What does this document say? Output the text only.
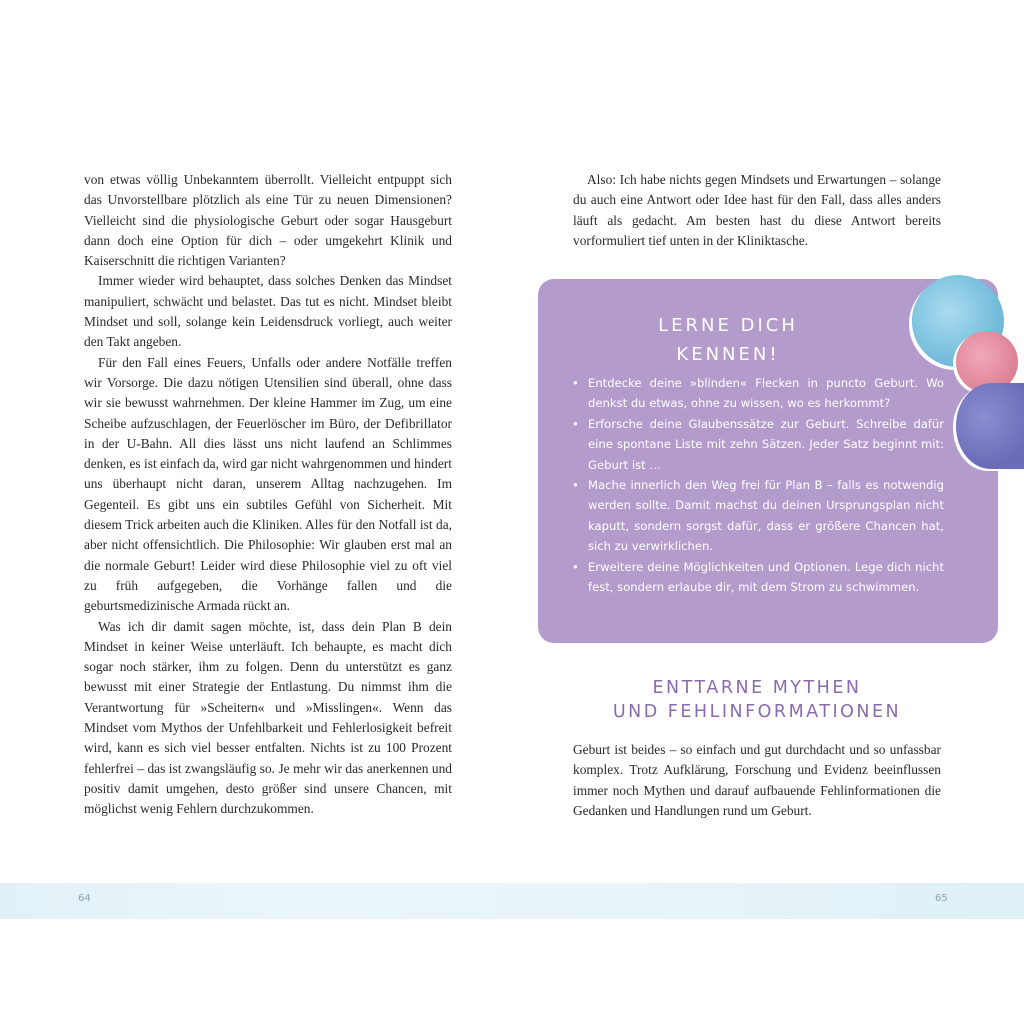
von etwas völlig Unbekanntem überrollt. Vielleicht entpuppt sich das Unvorstellbare plötzlich als eine Tür zu neuen Dimensionen? Vielleicht sind die physiologische Geburt oder sogar Hausgeburt dann doch eine Option für dich – oder umgekehrt Klinik und Kaiserschnitt die richtigen Varianten?

Immer wieder wird behauptet, dass solches Denken das Mindset manipuliert, schwächt und belastet. Das tut es nicht. Mindset bleibt Mindset und soll, solange kein Leidensdruck vorliegt, auch weiter den Takt angeben.

Für den Fall eines Feuers, Unfalls oder andere Notfälle treffen wir Vorsorge. Die dazu nötigen Utensilien sind überall, ohne dass wir sie bewusst wahrnehmen. Der kleine Hammer im Zug, um eine Scheibe aufzuschlagen, der Feuerlöscher im Büro, der Defibrillator in der U-Bahn. All dies lässt uns nicht laufend an Schlimmes denken, es ist einfach da, wird gar nicht wahrgenommen und hindert uns überhaupt nicht daran, unserem Alltag nachzugehen. Im Gegenteil. Es gibt uns ein subtiles Gefühl von Sicherheit. Mit diesem Trick arbeiten auch die Kliniken. Alles für den Notfall ist da, aber nicht offensichtlich. Die Philosophie: Wir glauben erst mal an die normale Geburt! Leider wird diese Philosophie viel zu oft viel zu früh aufgegeben, die Vorhänge fallen und die geburtsmedizinische Armada rückt an.

Was ich dir damit sagen möchte, ist, dass dein Plan B dein Mindset in keiner Weise unterläuft. Ich behaupte, es macht dich sogar noch stärker, ihm zu folgen. Denn du unterstützt es ganz bewusst mit einer Strategie der Entlastung. Du nimmst ihm die Verantwortung für »Scheitern« und »Misslingen«. Wenn das Mindset vom Mythos der Unfehlbarkeit und Fehlerlosigkeit befreit wird, kann es sich viel besser entfalten. Nichts ist zu 100 Prozent fehlerfrei – das ist zwangsläufig so. Je mehr wir das anerkennen und positiv damit umgehen, desto größer sind unsere Chancen, mit möglichst wenig Fehlern durchzukommen.

Also: Ich habe nichts gegen Mindsets und Erwartungen – solange du auch eine Antwort oder Idee hast für den Fall, dass alles anders läuft als gedacht. Am besten hast du diese Antwort bereits vorformuliert tief unten in der Kliniktasche.

LERNE DICH
KENNEN!
• Entdecke deine »blinden« Flecken in puncto Geburt. Wo denkst du etwas, ohne zu wissen, wo es herkommt?
• Erforsche deine Glaubenssätze zur Geburt. Schreibe dafür eine spontane Liste mit zehn Sätzen. Jeder Satz beginnt mit: Geburt ist …
• Mache innerlich den Weg frei für Plan B – falls es notwendig werden sollte. Damit machst du deinen Ursprungsplan nicht kaputt, sondern sorgst dafür, dass er größere Chancen hat, sich zu verwirklichen.
• Erweitere deine Möglichkeiten und Optionen. Lege dich nicht fest, sondern erlaube dir, mit dem Strom zu schwimmen.
ENTTARNE MYTHEN
UND FEHLINFORMATIONEN

Geburt ist beides – so einfach und gut durchdacht und so unfassbar komplex. Trotz Aufklärung, Forschung und Evidenz beeinflussen immer noch Mythen und darauf aufbauende Fehlinformationen die Gedanken und Handlungen rund um Geburt.

64	65
